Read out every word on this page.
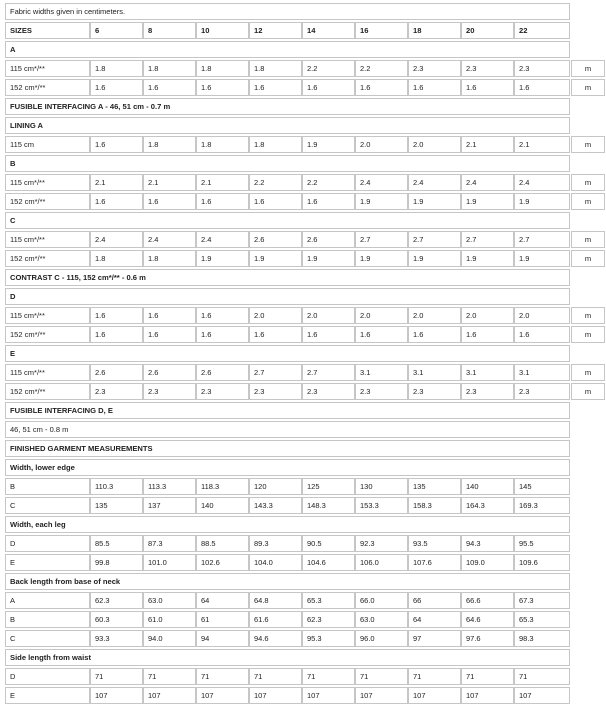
Fabric widths given in centimeters.
SIZES	6	8	10	12	14	16	18	20	22
A
115 cm*/**	1.8	1.8	1.8	1.8	2.2	2.2	2.3	2.3	2.3	m
152 cm*/**	1.6	1.6	1.6	1.6	1.6	1.6	1.6	1.6	1.6	m
FUSIBLE INTERFACING A - 46, 51 cm - 0.7 m
LINING A
115 cm	1.6	1.8	1.8	1.8	1.9	2.0	2.0	2.1	2.1	m
B
115 cm*/**	2.1	2.1	2.1	2.2	2.2	2.4	2.4	2.4	2.4	m
152 cm*/**	1.6	1.6	1.6	1.6	1.6	1.9	1.9	1.9	1.9	m
C
115 cm*/**	2.4	2.4	2.4	2.6	2.6	2.7	2.7	2.7	2.7	m
152 cm*/**	1.8	1.8	1.9	1.9	1.9	1.9	1.9	1.9	1.9	m
CONTRAST C - 115, 152 cm*/** - 0.6 m
D
115 cm*/**	1.6	1.6	1.6	2.0	2.0	2.0	2.0	2.0	2.0	m
152 cm*/**	1.6	1.6	1.6	1.6	1.6	1.6	1.6	1.6	1.6	m
E
115 cm*/**	2.6	2.6	2.6	2.7	2.7	3.1	3.1	3.1	3.1	m
152 cm*/**	2.3	2.3	2.3	2.3	2.3	2.3	2.3	2.3	2.3	m
FUSIBLE INTERFACING D, E
46, 51 cm - 0.8 m
FINISHED GARMENT MEASUREMENTS
Width, lower edge
B	110.3	113.3	118.3	120	125	130	135	140	145
C	135	137	140	143.3	148.3	153.3	158.3	164.3	169.3
Width, each leg
D	85.5	87.3	88.5	89.3	90.5	92.3	93.5	94.3	95.5
E	99.8	101.0	102.6	104.0	104.6	106.0	107.6	109.0	109.6
Back length from base of neck
A	62.3	63.0	64	64.8	65.3	66.0	66	66.6	67.3
B	60.3	61.0	61	61.6	62.3	63.0	64	64.6	65.3
C	93.3	94.0	94	94.6	95.3	96.0	97	97.6	98.3
Side length from waist
D	71	71	71	71	71	71	71	71	71
E	107	107	107	107	107	107	107	107	107
